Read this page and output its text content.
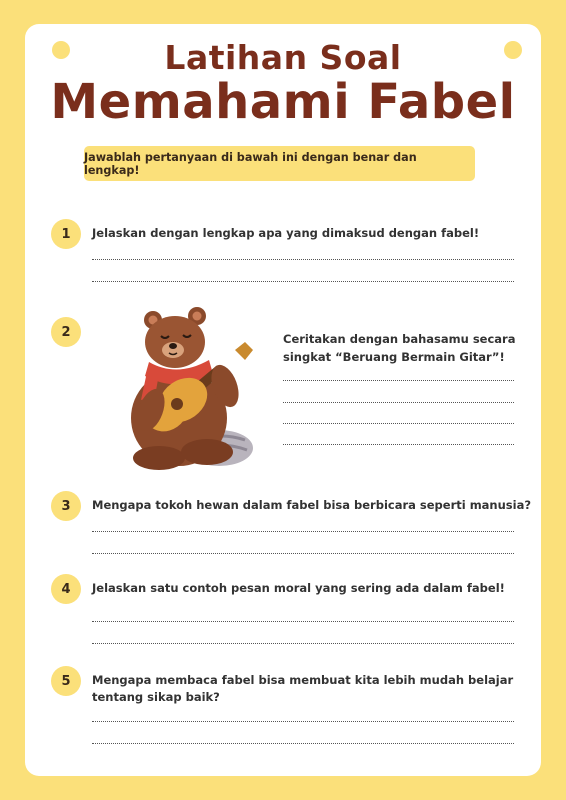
Latihan Soal
Memahami Fabel
Jawablah pertanyaan di bawah ini dengan benar dan lengkap!
1	Jelaskan dengan lengkap apa yang dimaksud dengan fabel!
2	Ceritakan dengan bahasamu secara
singkat “Beruang Bermain Gitar”!
3	Mengapa tokoh hewan dalam fabel bisa berbicara seperti manusia?
4	Jelaskan satu contoh pesan moral yang sering ada dalam fabel!
5	Mengapa membaca fabel bisa membuat kita lebih mudah belajar
tentang sikap baik?
